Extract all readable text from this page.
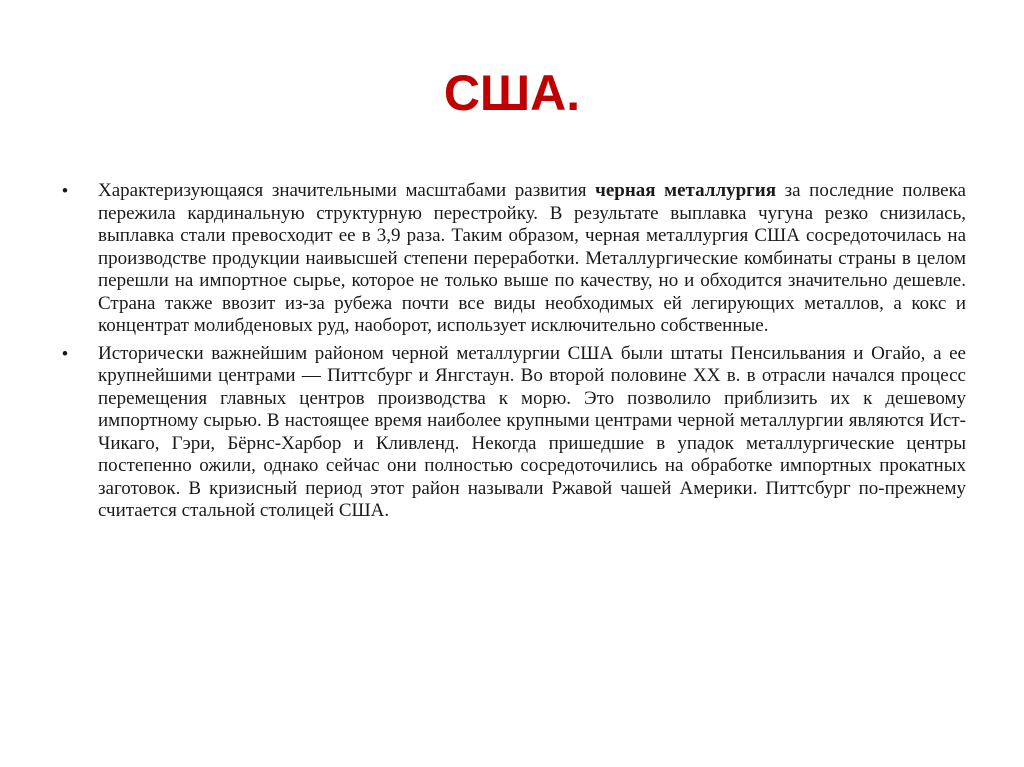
США.
•	Характеризующаяся значительными масштабами развития черная металлургия за последние полвека пережила кардинальную структурную перестройку. В результате выплавка чугуна резко снизилась, выплавка стали превосходит ее в 3,9 раза. Таким образом, черная металлургия США сосредоточилась на производстве продукции наивысшей степени переработки. Металлургические комбинаты страны в целом перешли на импортное сырье, которое не только выше по качеству, но и обходится значительно дешевле. Страна также ввозит из-за рубежа почти все виды необходимых ей легирующих металлов, а кокс и концентрат молибденовых руд, наоборот, использует исключительно собственные.

•	Исторически важнейшим районом черной металлургии США были штаты Пенсильвания и Огайо, а ее крупнейшими центрами — Питтсбург и Янгстаун. Во второй половине XX в. в отрасли начался процесс перемещения главных центров производства к морю. Это позволило приблизить их к дешевому импортному сырью. В настоящее время наиболее крупными центрами черной металлургии являются Ист-Чикаго, Гэри, Бёрнс-Харбор и Кливленд. Некогда пришедшие в упадок металлургические центры постепенно ожили, однако сейчас они полностью сосредоточились на обработке импортных прокатных заготовок. В кризисный период этот район называли Ржавой чашей Америки. Питтсбург по-прежнему считается стальной столицей США.
